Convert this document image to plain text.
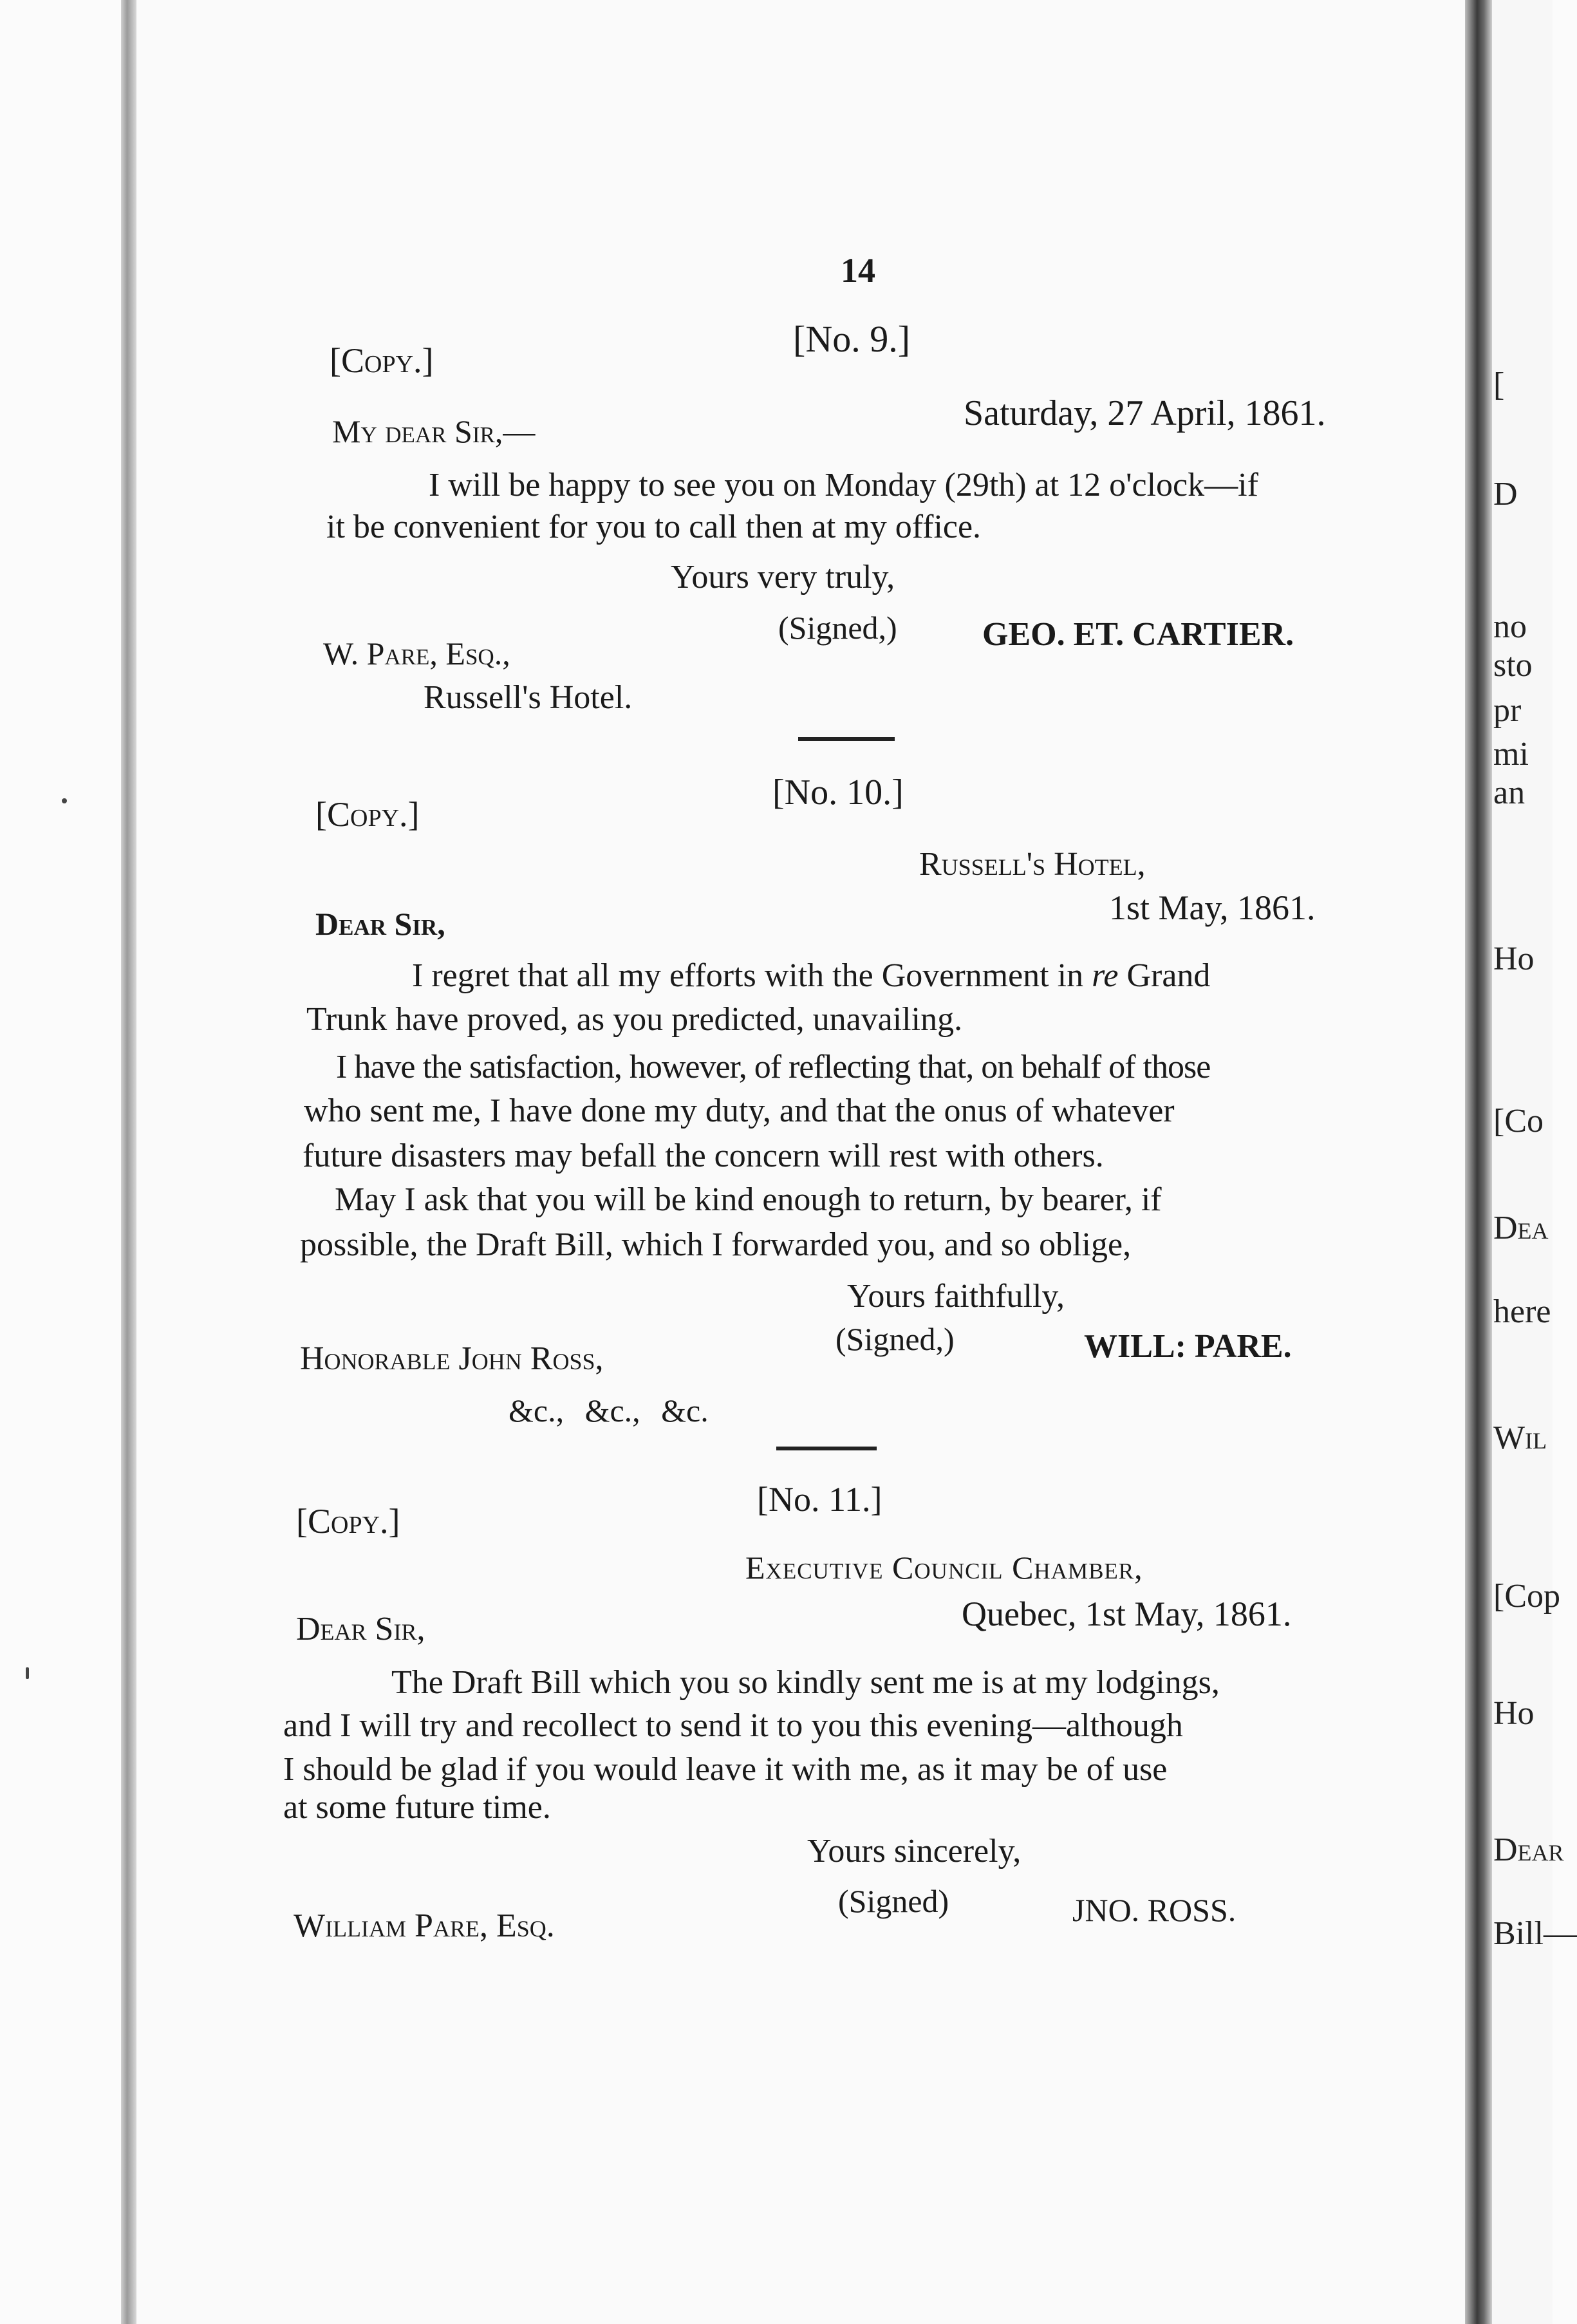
14
[No. 9.]
[Copy.]
Saturday, 27 April, 1861.
My dear Sir,—
I will be happy to see you on Monday (29th) at 12 o'clock—if
it be convenient for you to call then at my office.
Yours very truly,
(Signed,)	GEO. ET. CARTIER.
W. Pare, Esq.,
Russell's Hotel.
[No. 10.]
[Copy.]
Russell's Hotel,
1st May, 1861.
Dear Sir,
I regret that all my efforts with the Government in re Grand
Trunk have proved, as you predicted, unavailing.
I have the satisfaction, however, of reflecting that, on behalf of those
who sent me, I have done my duty, and that the onus of whatever
future disasters may befall the concern will rest with others.
May I ask that you will be kind enough to return, by bearer, if
possible, the Draft Bill, which I forwarded you, and so oblige,
Yours faithfully,
(Signed,)	WILL: PARE.
Honorable John Ross,
&c., &c., &c.
[No. 11.]
[Copy.]
Executive Council Chamber,
Quebec, 1st May, 1861.
Dear Sir,
The Draft Bill which you so kindly sent me is at my lodgings,
and I will try and recollect to send it to you this evening—although
I should be glad if you would leave it with me, as it may be of use
at some future time.
Yours sincerely,
(Signed)	JNO. ROSS.
William Pare, Esq.
[
D
no
sto
pr
mi
an
Ho
[Co
Dea
here
Wil
[Cop
Ho
Dear
Bill—
